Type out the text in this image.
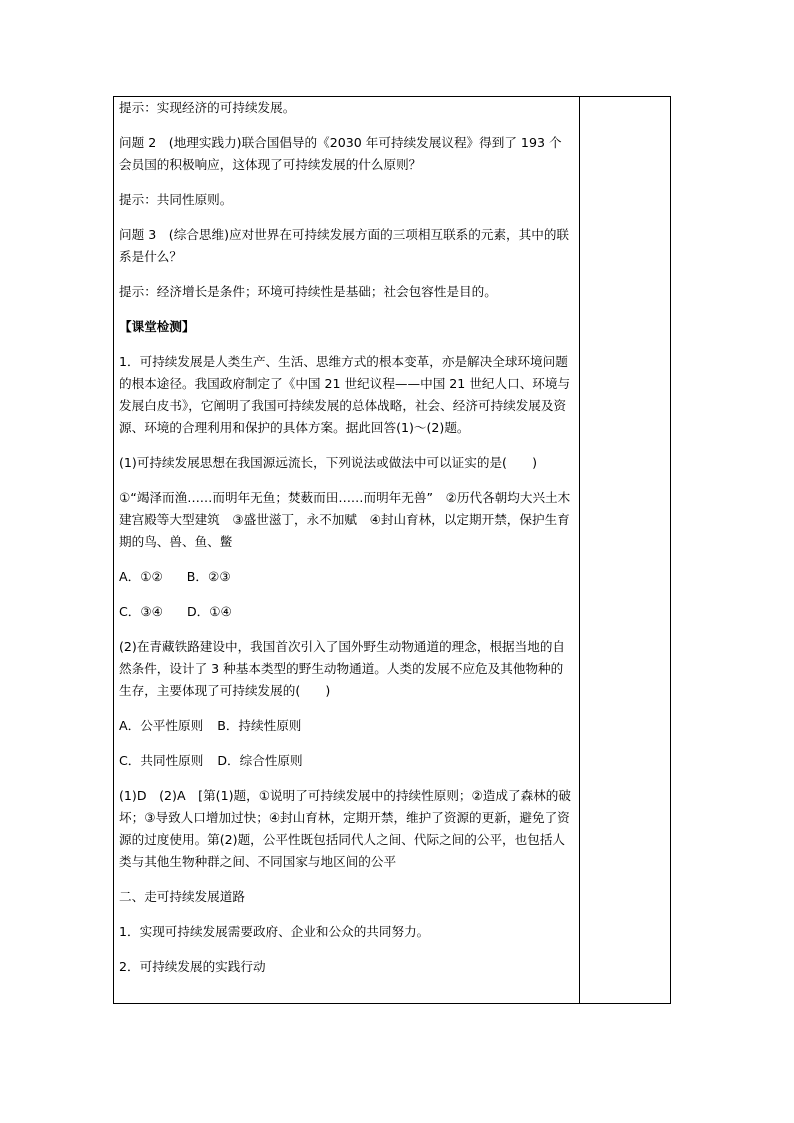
提示：实现经济的可持续发展。

问题 2　(地理实践力)联合国倡导的《2030 年可持续发展议程》得到了 193 个会员国的积极响应，这体现了可持续发展的什么原则？

提示：共同性原则。

问题 3　(综合思维)应对世界在可持续发展方面的三项相互联系的元素，其中的联系是什么？

提示：经济增长是条件；环境可持续性是基础；社会包容性是目的。

【课堂检测】

1．可持续发展是人类生产、生活、思维方式的根本变革，亦是解决全球环境问题的根本途径。我国政府制定了《中国 21 世纪议程——中国 21 世纪人口、环境与发展白皮书》，它阐明了我国可持续发展的总体战略，社会、经济可持续发展及资源、环境的合理利用和保护的具体方案。据此回答(1)～(2)题。

(1)可持续发展思想在我国源远流长，下列说法或做法中可以证实的是(　　)

①“竭泽而渔……而明年无鱼；焚薮而田……而明年无兽”　②历代各朝均大兴土木建宫殿等大型建筑　③盛世滋丁，永不加赋　④封山育林，以定期开禁，保护生育期的鸟、兽、鱼、鳖

A．①② B．②③

C．③④ D．①④

(2)在青藏铁路建设中，我国首次引入了国外野生动物通道的理念，根据当地的自然条件，设计了 3 种基本类型的野生动物通道。人类的发展不应危及其他物种的生存，主要体现了可持续发展的(　　)

A．公平性原则 B．持续性原则

C．共同性原则 D．综合性原则

(1)D　(2)A　[第(1)题，①说明了可持续发展中的持续性原则；②造成了森林的破坏；③导致人口增加过快；④封山育林，定期开禁，维护了资源的更新，避免了资源的过度使用。第(2)题，公平性既包括同代人之间、代际之间的公平，也包括人类与其他生物种群之间、不同国家与地区间的公平

二、走可持续发展道路

1．实现可持续发展需要政府、企业和公众的共同努力。

2．可持续发展的实践行动
